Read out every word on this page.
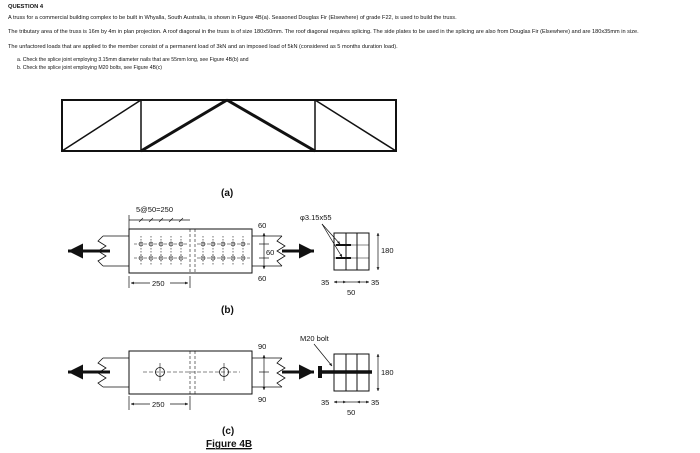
QUESTION 4
A truss for a commercial building complex to be built in Whyalla, South Australia, is shown in Figure 4B(a). Seasoned Douglas Fir (Elsewhere) of grade F22, is used to build the truss.
The tributary area of the truss is 16m by 4m in plan projection. A roof diagonal in the truss is of size 180x50mm. The roof diagonal requires splicing. The side plates to be used in the splicing are also from Douglas Fir (Elsewhere) and are 180x35mm in size.
The unfactored loads that are applied to the member consist of a permanent load of 3kN and an imposed load of 5kN (considered as 5 months duration load).
a. Check the splice joint employing 3.15mm diameter nails that are 55mm long, see Figure 4B(b) and
b. Check the splice joint employing M20 bolts, see Figure 4B(c)
(a)
5@50=250
250
60
60
60
φ3.15x55
180
35	35
50
(b)
250
90
90
M20 bolt
180
35	35
50
(c)
Figure 4B
